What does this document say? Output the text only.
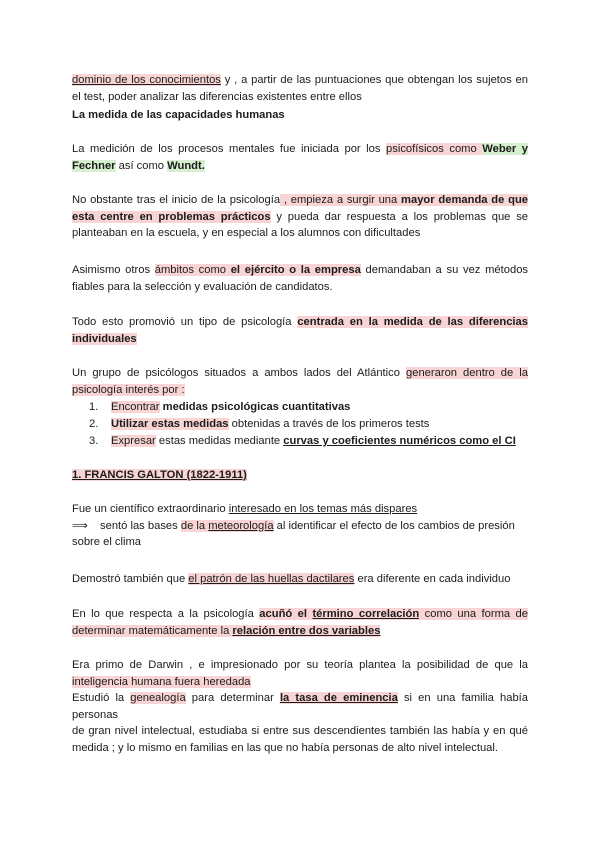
dominio de los conocimientos y , a partir de las puntuaciones que obtengan los sujetos en
el test, poder analizar las diferencias existentes entre ellos
La medida de las capacidades humanas
La medición de los procesos mentales fue iniciada por los psicofísicos como Weber y
Fechner así como Wundt.
No obstante tras el inicio de la psicología , empieza a surgir una mayor demanda de que
esta centre en problemas prácticos y pueda dar respuesta a los problemas que se
planteaban en la escuela, y en especial a los alumnos con dificultades
Asimismo otros ámbitos como el ejército o la empresa demandaban a su vez métodos
fiables para la selección y evaluación de candidatos.
Todo esto promovió un tipo de psicología centrada en la medida de las diferencias
individuales
Un grupo de psicólogos situados a ambos lados del Atlántico generaron dentro de la
psicología interés por :
1. Encontrar medidas psicológicas cuantitativas
2. Utilizar estas medidas obtenidas a través de los primeros tests
3. Expresar estas medidas mediante curvas y coeficientes numéricos como el CI
1. FRANCIS GALTON (1822-1911)
Fue un científico extraordinario interesado en los temas más dispares
⟹ sentó las bases de la meteorología al identificar el efecto de los cambios de presión
sobre el clima
Demostró también que el patrón de las huellas dactilares era diferente en cada individuo
En lo que respecta a la psicología acuñó el término correlación como una forma de
determinar matemáticamente la relación entre dos variables
Era primo de Darwin , e impresionado por su teoría plantea la posibilidad de que la
inteligencia humana fuera heredada
Estudió la genealogía para determinar la tasa de eminencia si en una familia había personas
de gran nivel intelectual, estudiaba si entre sus descendientes también las había y en qué
medida ; y lo mismo en familias en las que no había personas de alto nivel intelectual.
